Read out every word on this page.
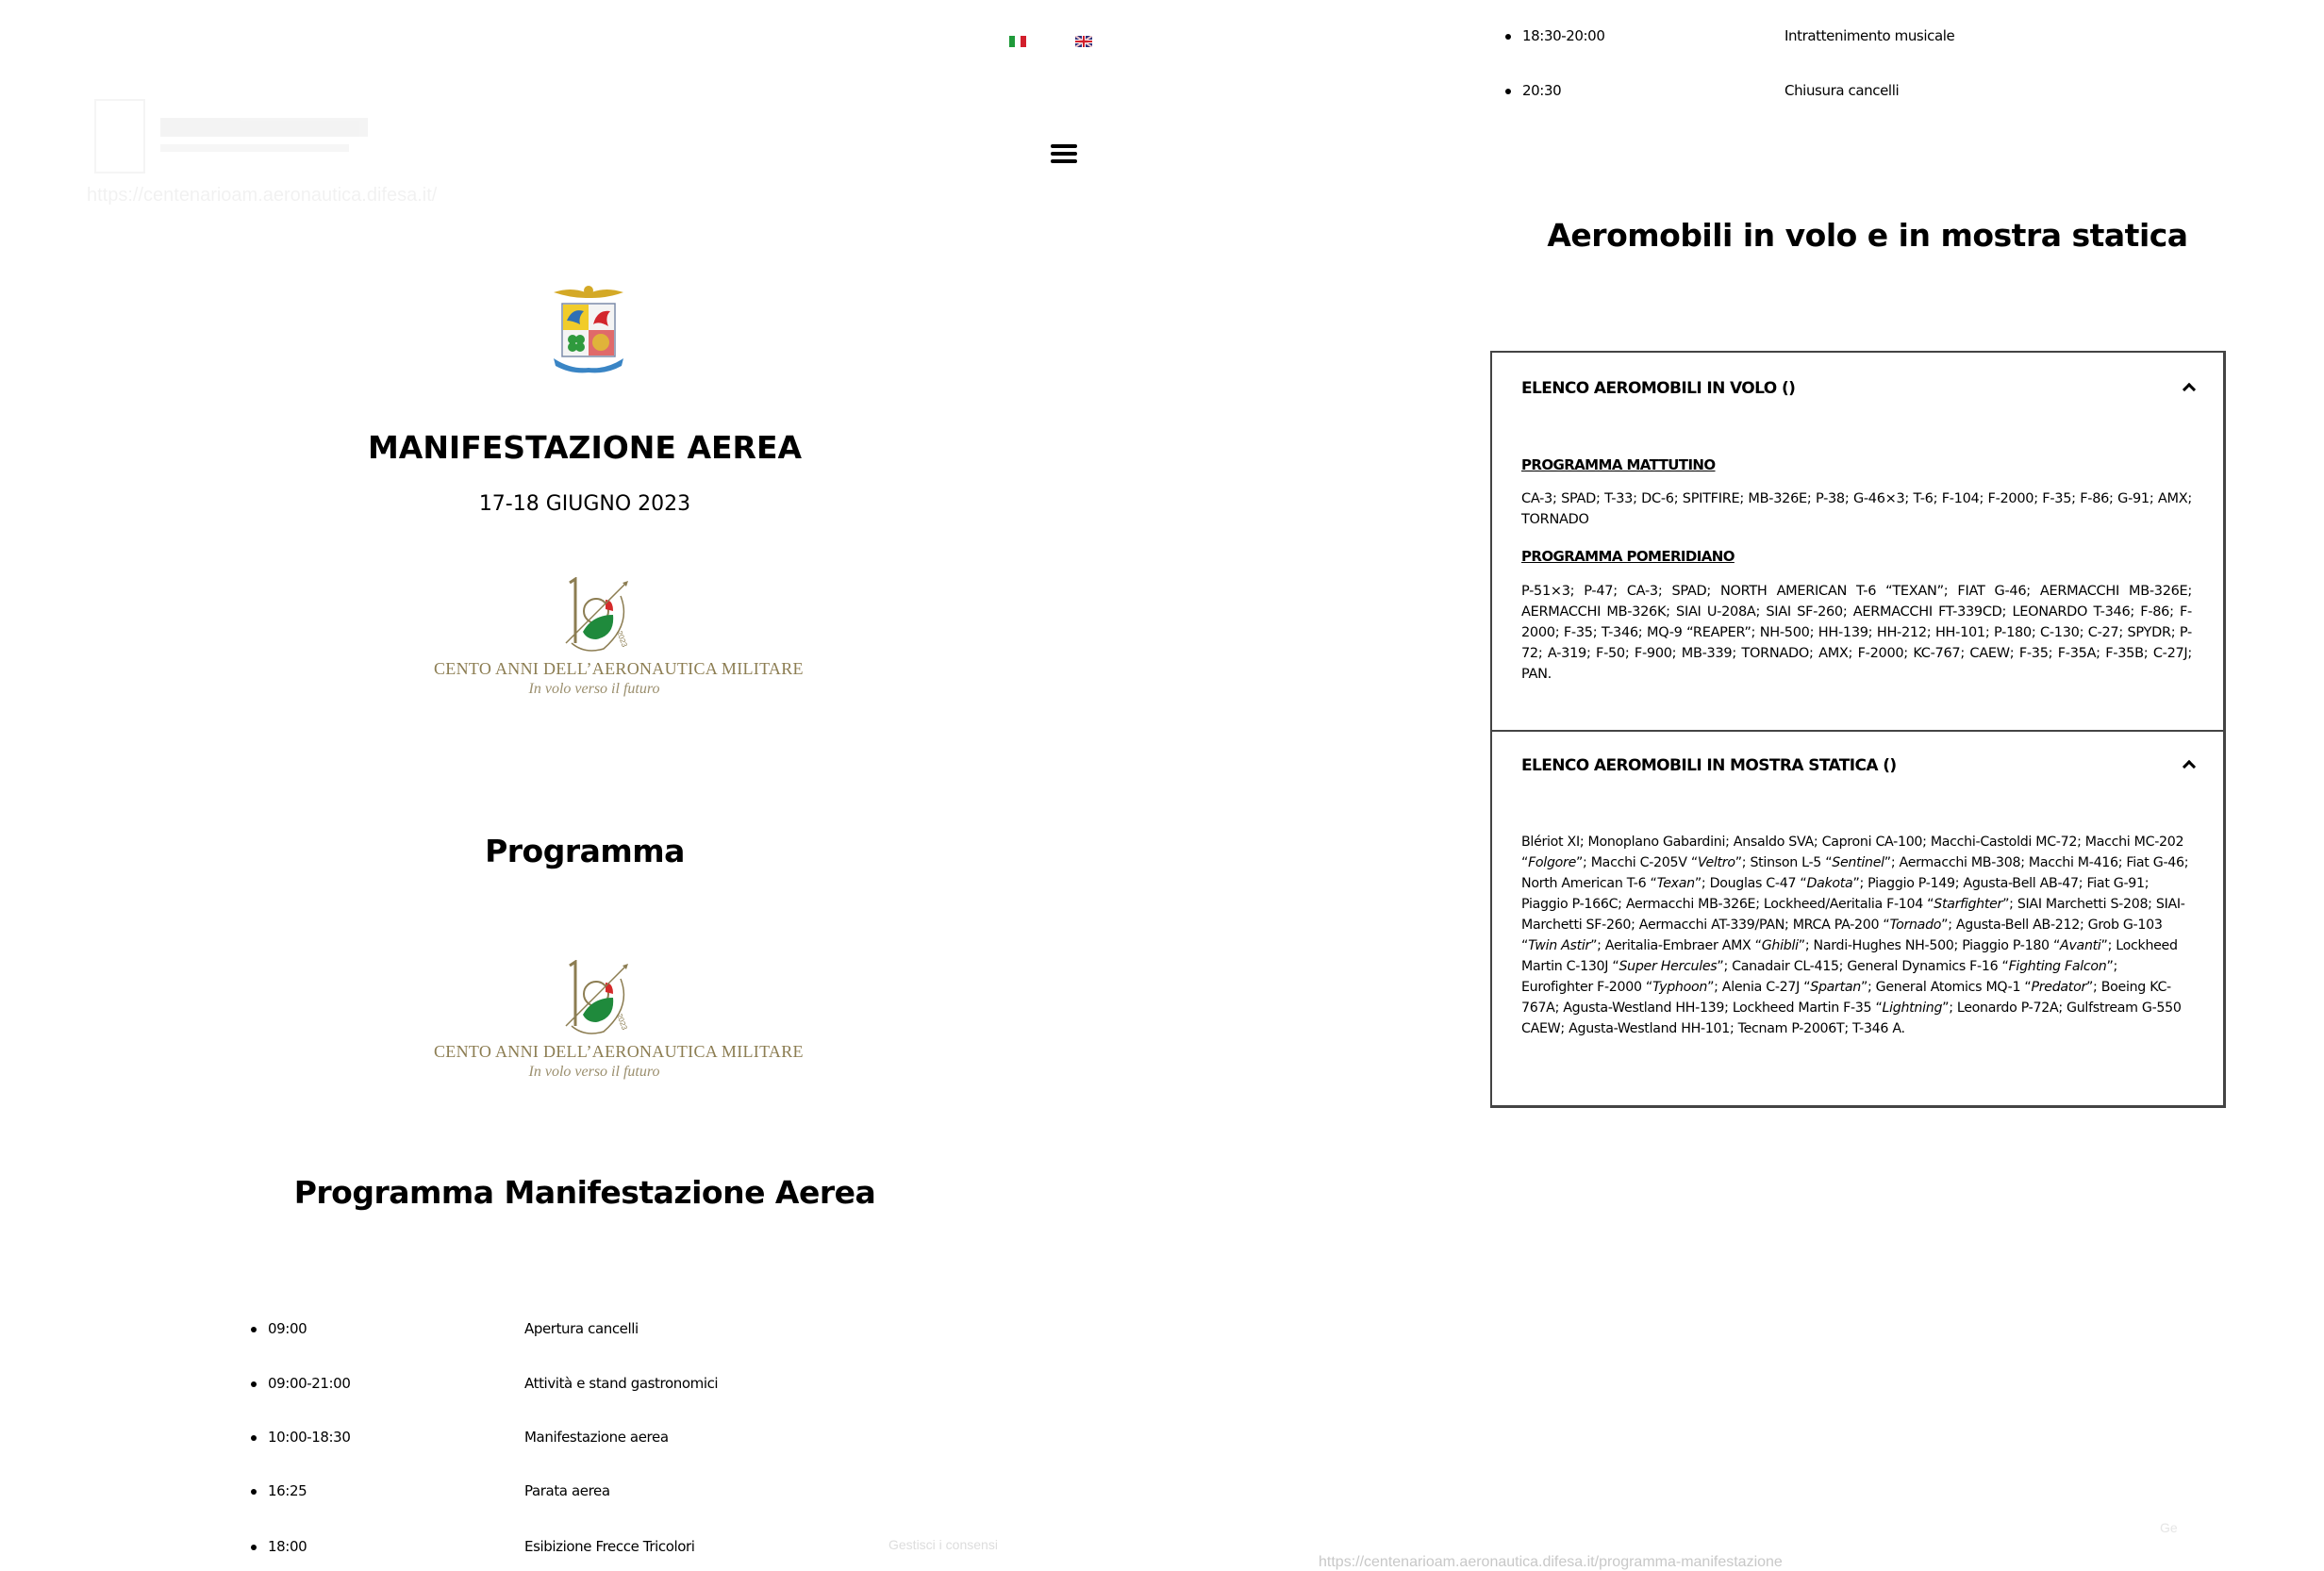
https://centenarioam.aeronautica.difesa.it/
MANIFESTAZIONE AEREA
17-18 GIUGNO 2023
2023
CENTO ANNI DELL’AERONAUTICA MILITARE
In volo verso il futuro
Programma
2023
CENTO ANNI DELL’AERONAUTICA MILITARE
In volo verso il futuro
Programma Manifestazione Aerea
09:00	Apertura cancelli
09:00-21:00	Attività e stand gastronomici
10:00-18:30	Manifestazione aerea
16:25	Parata aerea
18:00	Esibizione Frecce Tricolori
18:30-20:00	Intrattenimento musicale
20:30	Chiusura cancelli
Aeromobili in volo e in mostra statica
ELENCO AEROMOBILI IN VOLO ()
PROGRAMMA MATTUTINO
CA-3; SPAD; T-33; DC-6; SPITFIRE; MB-326E; P-38; G-46×3; T-6; F-104; F-2000; F-35; F-86; G-91; AMX; TORNADO
PROGRAMMA POMERIDIANO
P-51×3; P-47; CA-3; SPAD; NORTH AMERICAN T-6 “TEXAN”; FIAT G-46; AERMACCHI MB-326E; AERMACCHI MB-326K; SIAI U-208A; SIAI SF-260; AERMACCHI FT-339CD; LEONARDO T-346; F-86; F-2000; F-35; T-346; MQ-9 “REAPER”; NH-500; HH-139; HH-212; HH-101; P-180; C-130; C-27; SPYDR; P-72; A-319; F-50; F-900; MB-339; TORNADO; AMX; F-2000; KC-767; CAEW; F-35; F-35A; F-35B; C-27J; PAN.
ELENCO AEROMOBILI IN MOSTRA STATICA ()
Blériot XI; Monoplano Gabardini; Ansaldo SVA; Caproni CA-100; Macchi-Castoldi MC-72; Macchi MC-202 “Folgore”; Macchi C-205V “Veltro”; Stinson L-5 “Sentinel”; Aermacchi MB-308; Macchi M-416; Fiat G-46; North American T-6 “Texan”; Douglas C-47 “Dakota”; Piaggio P-149; Agusta-Bell AB-47; Fiat G-91; Piaggio P-166C; Aermacchi MB-326E; Lockheed/Aeritalia F-104 “Starfighter”; SIAI Marchetti S-208; SIAI-Marchetti SF-260; Aermacchi AT-339/PAN; MRCA PA-200 “Tornado”; Agusta-Bell AB-212; Grob G-103 “Twin Astir”; Aeritalia-Embraer AMX “Ghibli”; Nardi-Hughes NH-500; Piaggio P-180 “Avanti”; Lockheed Martin C-130J “Super Hercules”; Canadair CL-415; General Dynamics F-16 “Fighting Falcon”; Eurofighter F-2000 “Typhoon”; Alenia C-27J “Spartan”; General Atomics MQ-1 “Predator”; Boeing KC-767A; Agusta-Westland HH-139; Lockheed Martin F-35 “Lightning”; Leonardo P-72A; Gulfstream G-550 CAEW; Agusta-Westland HH-101; Tecnam P-2006T; T-346 A.
Gestisci i consensi
https://centenarioam.aeronautica.difesa.it/programma-manifestazione
Ge
